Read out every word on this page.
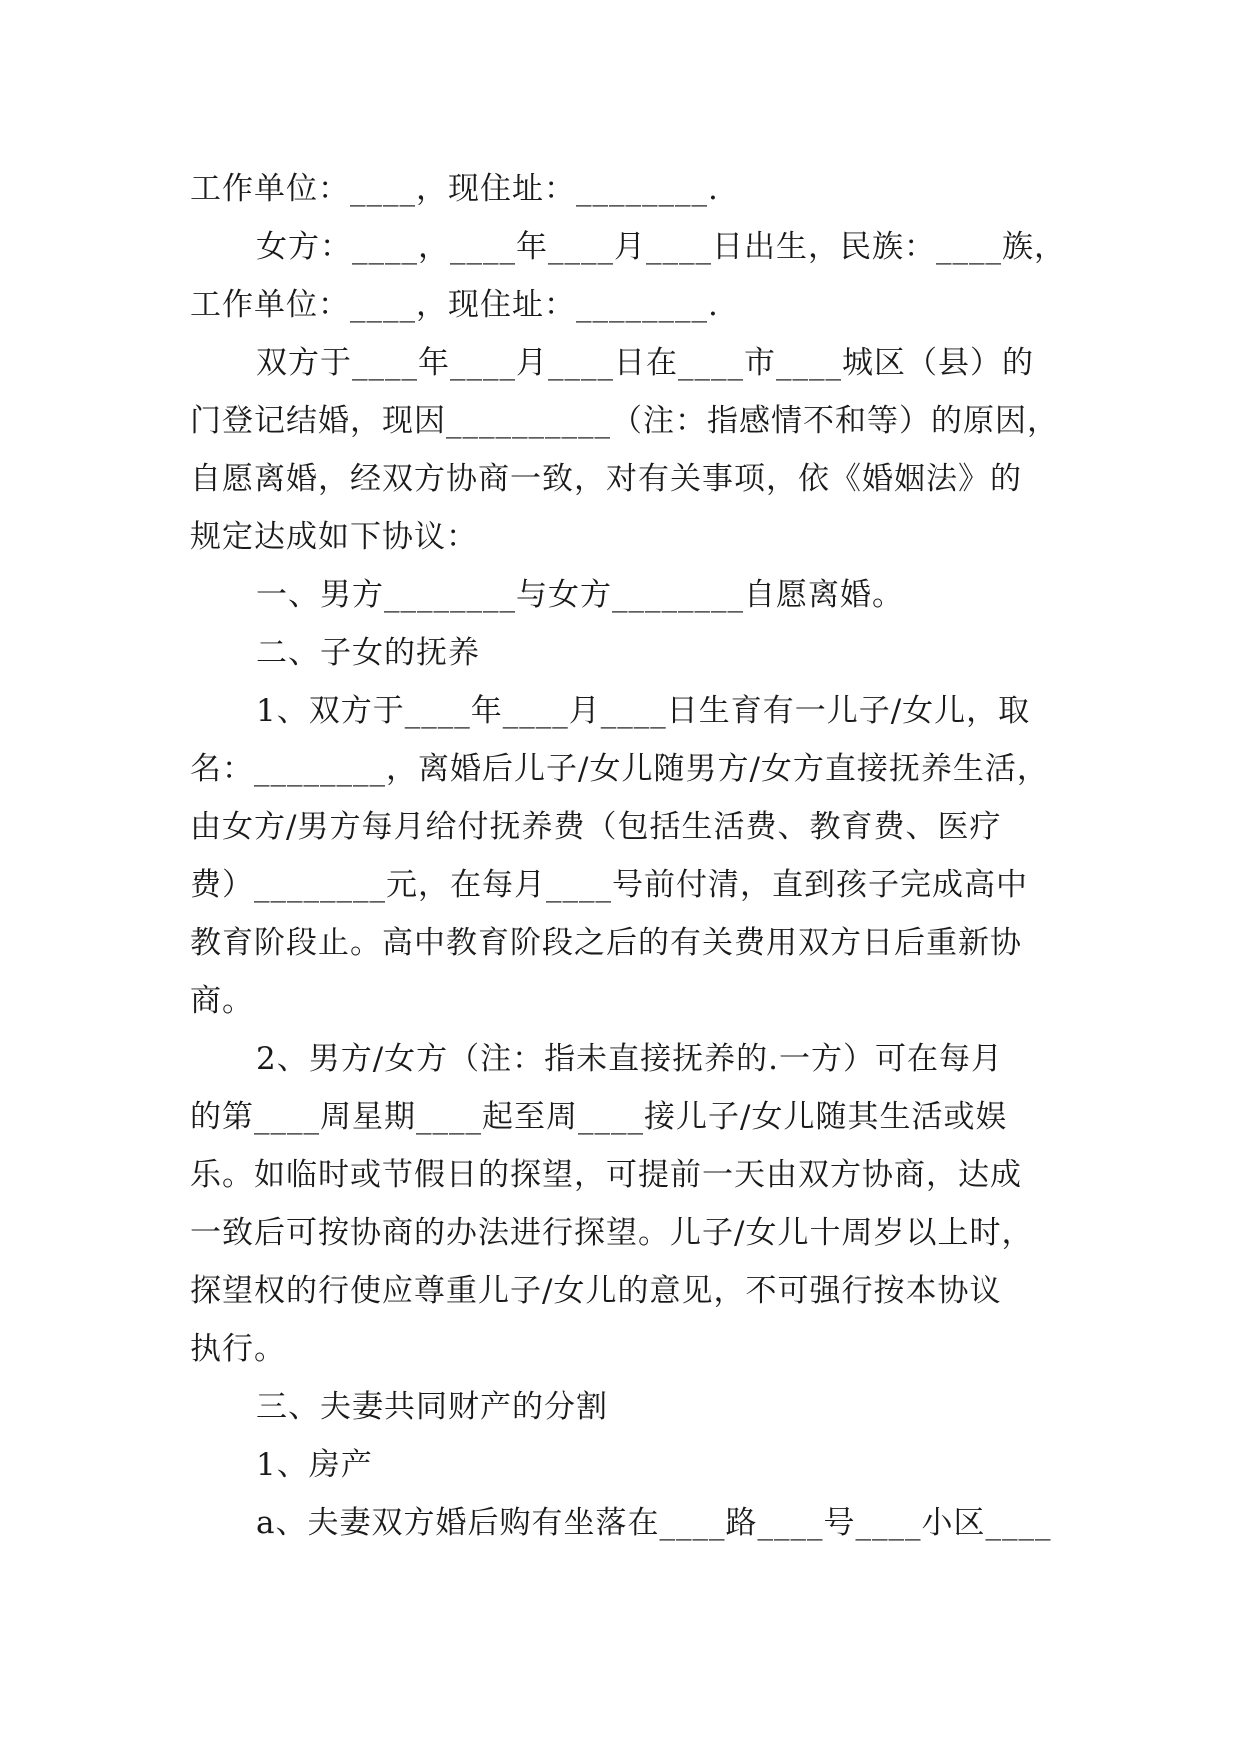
工作单位：____，现住址：________.
女方：____，____年____月____日出生，民族：____族，
工作单位：____，现住址：________.
双方于____年____月____日在____市____城区（县）的
门登记结婚，现因__________（注：指感情不和等）的原因，
自愿离婚，经双方协商一致，对有关事项，依《婚姻法》的
规定达成如下协议：
一、男方________与女方________自愿离婚。
二、子女的抚养
1、双方于____年____月____日生育有一儿子/女儿，取
名：________，离婚后儿子/女儿随男方/女方直接抚养生活，
由女方/男方每月给付抚养费（包括生活费、教育费、医疗
费）________元，在每月____号前付清，直到孩子完成高中
教育阶段止。高中教育阶段之后的有关费用双方日后重新协
商。
2、男方/女方（注：指未直接抚养的.一方）可在每月
的第____周星期____起至周____接儿子/女儿随其生活或娱
乐。如临时或节假日的探望，可提前一天由双方协商，达成
一致后可按协商的办法进行探望。儿子/女儿十周岁以上时，
探望权的行使应尊重儿子/女儿的意见，不可强行按本协议
执行。
三、夫妻共同财产的分割
1、房产
a、夫妻双方婚后购有坐落在____路____号____小区____
